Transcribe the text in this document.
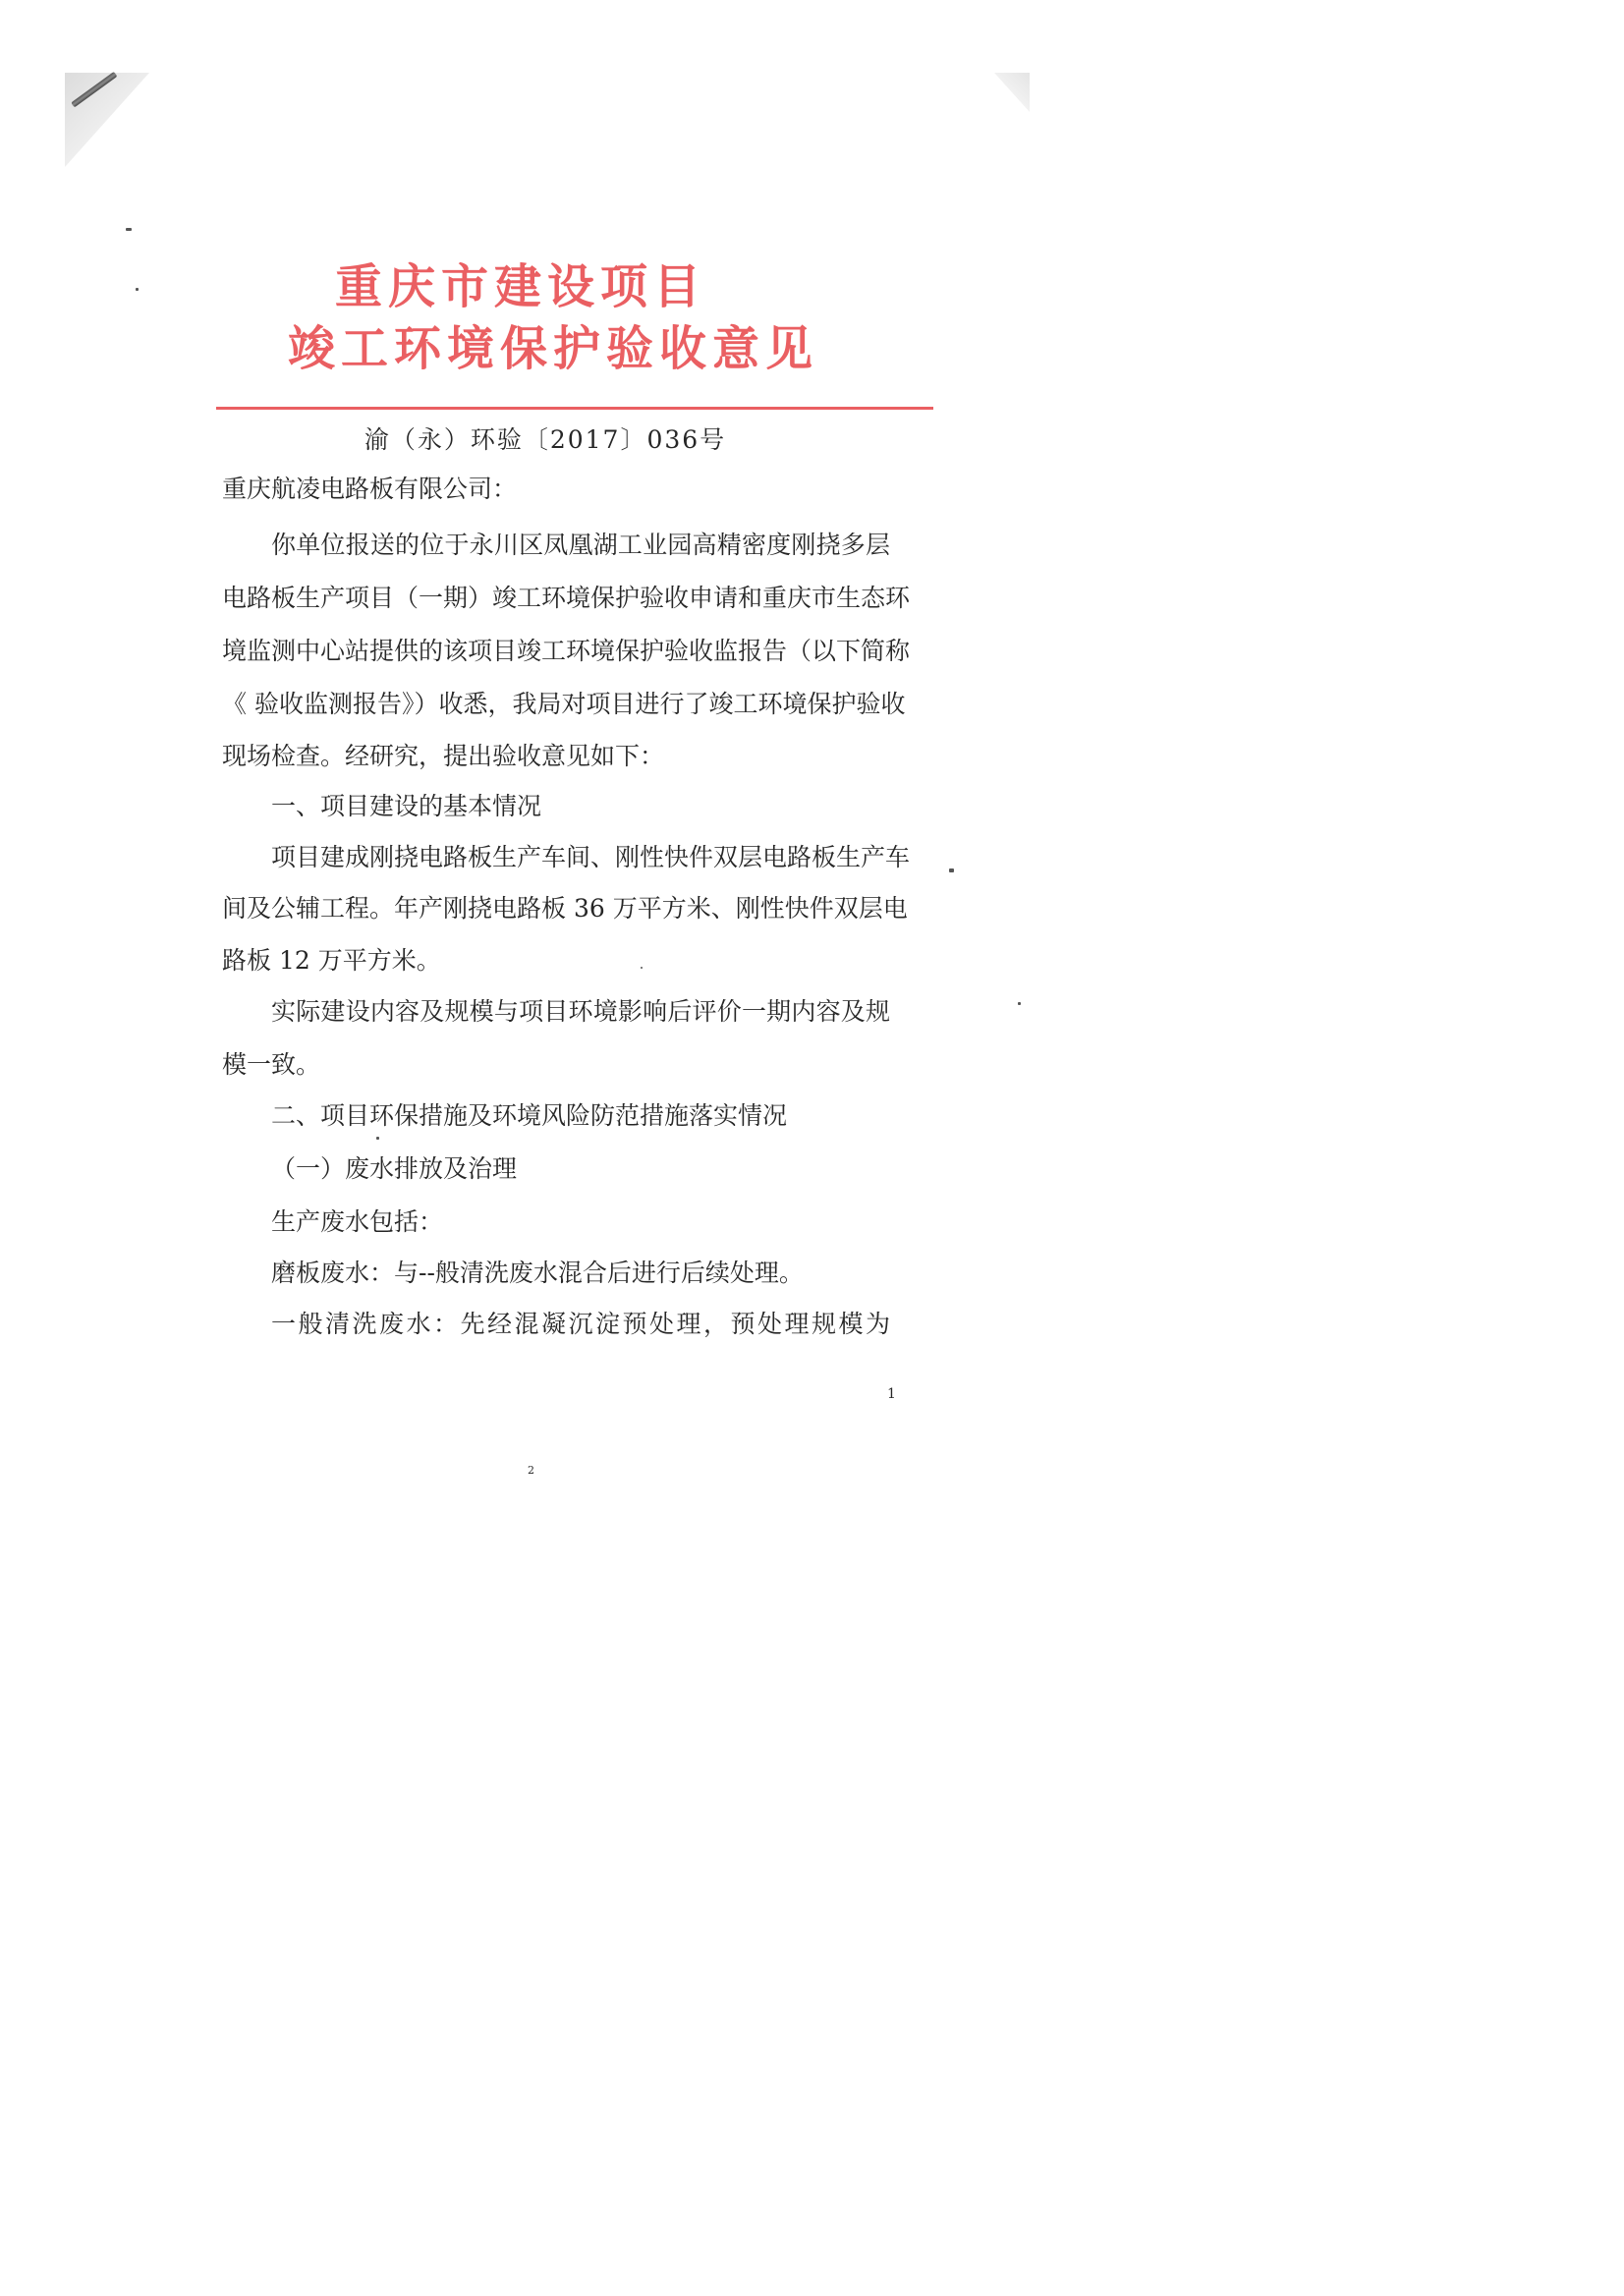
重庆市建设项目
竣工环境保护验收意见
渝（永）环验〔2017〕036号
重庆航凌电路板有限公司：
你单位报送的位于永川区凤凰湖工业园高精密度刚挠多层
电路板生产项目（一期）竣工环境保护验收申请和重庆市生态环
境监测中心站提供的该项目竣工环境保护验收监报告（以下简称
《 验收监测报告》）收悉，我局对项目进行了竣工环境保护验收
现场检查。经研究，提出验收意见如下：
一、项目建设的基本情况
项目建成刚挠电路板生产车间、刚性快件双层电路板生产车
间及公辅工程。年产刚挠电路板 36 万平方米、刚性快件双层电
路板 12 万平方米。
实际建设内容及规模与项目环境影响后评价一期内容及规
模一致。
二、项目环保措施及环境风险防范措施落实情况
（一）废水排放及治理
生产废水包括：
磨板废水：与--般清洗废水混合后进行后续处理。
一般清洗废水：先经混凝沉淀预处理，预处理规模为
1
2
